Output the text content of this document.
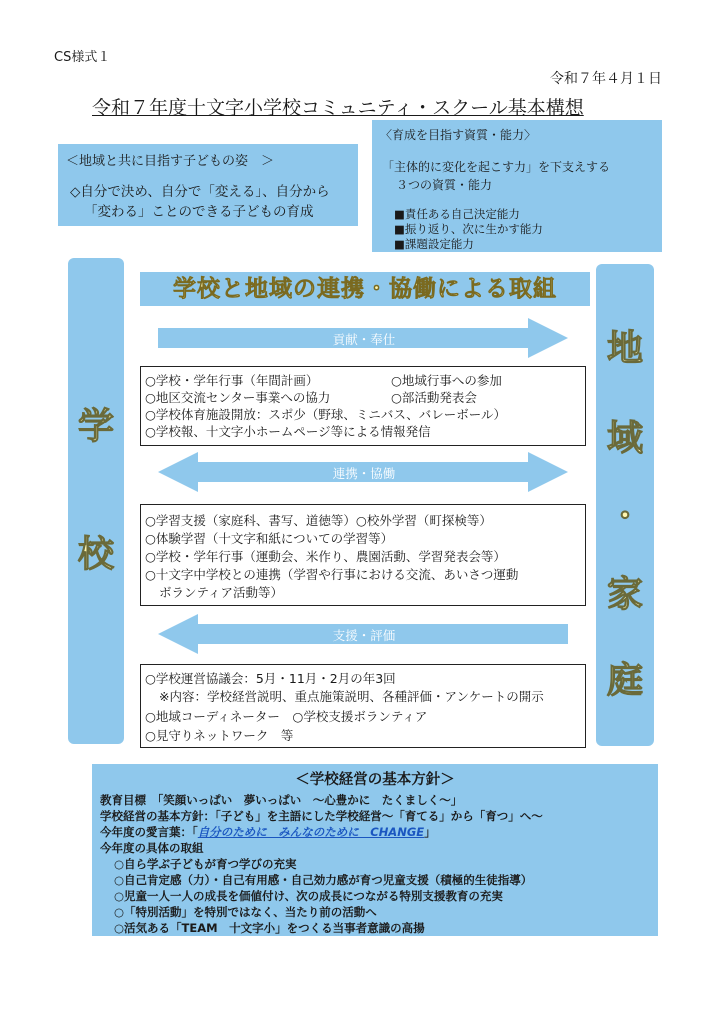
CS様式１
令和７年４月１日
令和７年度十文字小学校コミュニティ・スクール基本構想
＜地域と共に目指す子どもの姿　＞
◇自分で決め、自分で「変える」、自分から
「変わる」ことのできる子どもの育成
〈育成を目指す資質・能力〉
「主体的に変化を起こす力」を下支えする
３つの資質・能力
■責任ある自己決定能力
■振り返り、次に生かす能力
■課題設定能力
学
校
地
域
・
家
庭
学校と地域の連携・協働による取組
貢献・奉仕
連携・協働
支援・評価
○学校・学年行事（年間計画）	○地域行事への参加
○地区交流センター事業への協力	○部活動発表会
○学校体育施設開放：スポ少（野球、ミニバス、バレーボール）
○学校報、十文字小ホームページ等による情報発信
○学習支援（家庭科、書写、道徳等）○校外学習（町探検等）
○体験学習（十文字和紙についての学習等）
○学校・学年行事（運動会、米作り、農園活動、学習発表会等）
○十文字中学校との連携（学習や行事における交流、あいさつ運動
ボランティア活動等）
○学校運営協議会：5月・11月・2月の年3回
※内容：学校経営説明、重点施策説明、各種評価・アンケートの開示
○地域コーディネーター　○学校支援ボランティア
○見守りネットワーク　等
＜学校経営の基本方針＞
教育目標　「笑顔いっぱい　夢いっぱい　～心豊かに　たくましく～」
学校経営の基本方針：「子ども」を主語にした学校経営～「育てる」から「育つ」へ～
今年度の愛言葉：「自分のために　みんなのために　CHANGE」
今年度の具体の取組
○自ら学ぶ子どもが育つ学びの充実
○自己肯定感（力）・自己有用感・自己効力感が育つ児童支援（積極的生徒指導）
○児童一人一人の成長を価値付け、次の成長につながる特別支援教育の充実
○「特別活動」を特別ではなく、当たり前の活動へ
○活気ある「TEAM　十文字小」をつくる当事者意識の高揚
